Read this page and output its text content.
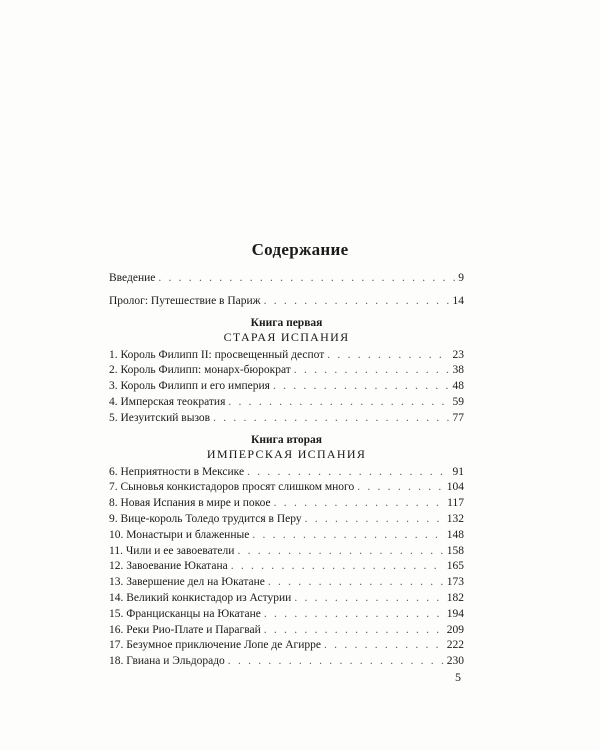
Содержание
Введение . . .	9
Пролог: Путешествие в Париж . . .	14
Книга первая
СТАРАЯ ИСПАНИЯ
1. Король Филипп II: просвещенный деспот . . .	23
2. Король Филипп: монарх-бюрократ . . .	38
3. Король Филипп и его империя . . .	48
4. Имперская теократия . . .	59
5. Иезуитский вызов . . .	77
Книга вторая
ИМПЕРСКАЯ ИСПАНИЯ
6. Неприятности в Мексике . . .	91
7. Сыновья конкистадоров просят слишком много . . .	104
8. Новая Испания в мире и покое . . .	117
9. Вице-король Толедо трудится в Перу . . .	132
10. Монастыри и блаженные . . .	148
11. Чили и ее завоеватели . . .	158
12. Завоевание Юкатана . . .	165
13. Завершение дел на Юкатане . . .	173
14. Великий конкистадор из Астурии . . .	182
15. Францисканцы на Юкатане . . .	194
16. Реки Рио-Плате и Парагвай . . .	209
17. Безумное приключение Лопе де Агирре . . .	222
18. Гвиана и Эльдорадо . . .	230
5
